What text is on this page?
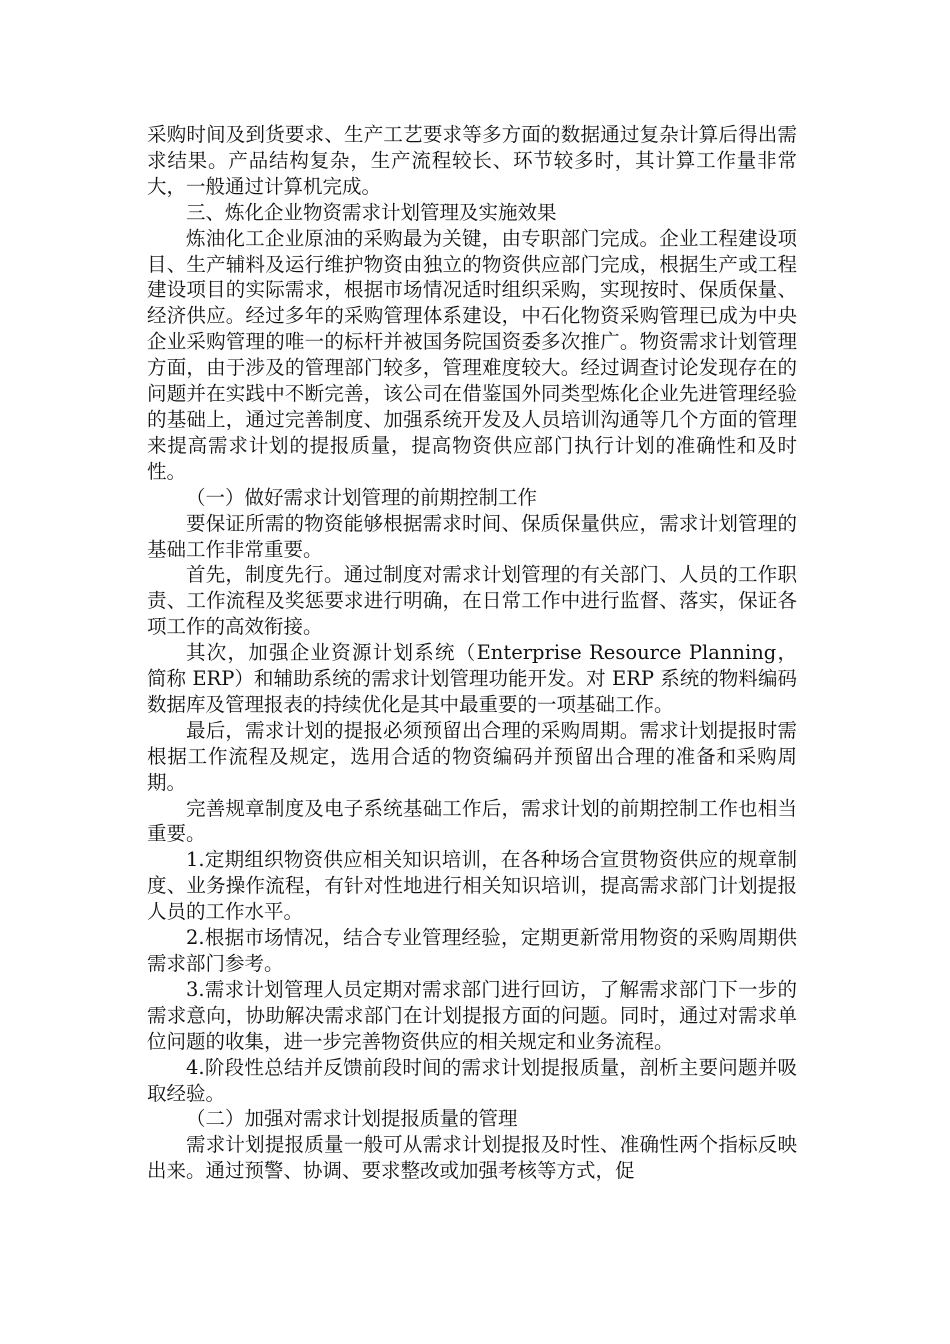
采购时间及到货要求、生产工艺要求等多方面的数据通过复杂计算后得出需求结果。产品结构复杂，生产流程较长、环节较多时，其计算工作量非常大，一般通过计算机完成。

三、炼化企业物资需求计划管理及实施效果

炼油化工企业原油的采购最为关键，由专职部门完成。企业工程建设项目、生产辅料及运行维护物资由独立的物资供应部门完成，根据生产或工程建设项目的实际需求，根据市场情况适时组织采购，实现按时、保质保量、经济供应。经过多年的采购管理体系建设，中石化物资采购管理已成为中央企业采购管理的唯一的标杆并被国务院国资委多次推广。物资需求计划管理方面，由于涉及的管理部门较多，管理难度较大。经过调查讨论发现存在的问题并在实践中不断完善，该公司在借鉴国外同类型炼化企业先进管理经验的基础上，通过完善制度、加强系统开发及人员培训沟通等几个方面的管理来提高需求计划的提报质量，提高物资供应部门执行计划的准确性和及时性。

（一）做好需求计划管理的前期控制工作

要保证所需的物资能够根据需求时间、保质保量供应，需求计划管理的基础工作非常重要。

首先，制度先行。通过制度对需求计划管理的有关部门、人员的工作职责、工作流程及奖惩要求进行明确，在日常工作中进行监督、落实，保证各项工作的高效衔接。

其次，加强企业资源计划系统（Enterprise Resource Planning， 简称 ERP）和辅助系统的需求计划管理功能开发。对 ERP 系统的物料编码数据库及管理报表的持续优化是其中最重要的一项基础工作。

最后，需求计划的提报必须预留出合理的采购周期。需求计划提报时需根据工作流程及规定，选用合适的物资编码并预留出合理的准备和采购周期。

完善规章制度及电子系统基础工作后，需求计划的前期控制工作也相当重要。

1.定期组织物资供应相关知识培训，在各种场合宣贯物资供应的规章制度、业务操作流程，有针对性地进行相关知识培训，提高需求部门计划提报人员的工作水平。

2.根据市场情况，结合专业管理经验，定期更新常用物资的采购周期供需求部门参考。

3.需求计划管理人员定期对需求部门进行回访，了解需求部门下一步的需求意向，协助解决需求部门在计划提报方面的问题。同时，通过对需求单位问题的收集，进一步完善物资供应的相关规定和业务流程。

4.阶段性总结并反馈前段时间的需求计划提报质量，剖析主要问题并吸取经验。

（二）加强对需求计划提报质量的管理

需求计划提报质量一般可从需求计划提报及时性、准确性两个指标反映出来。通过预警、协调、要求整改或加强考核等方式，促
